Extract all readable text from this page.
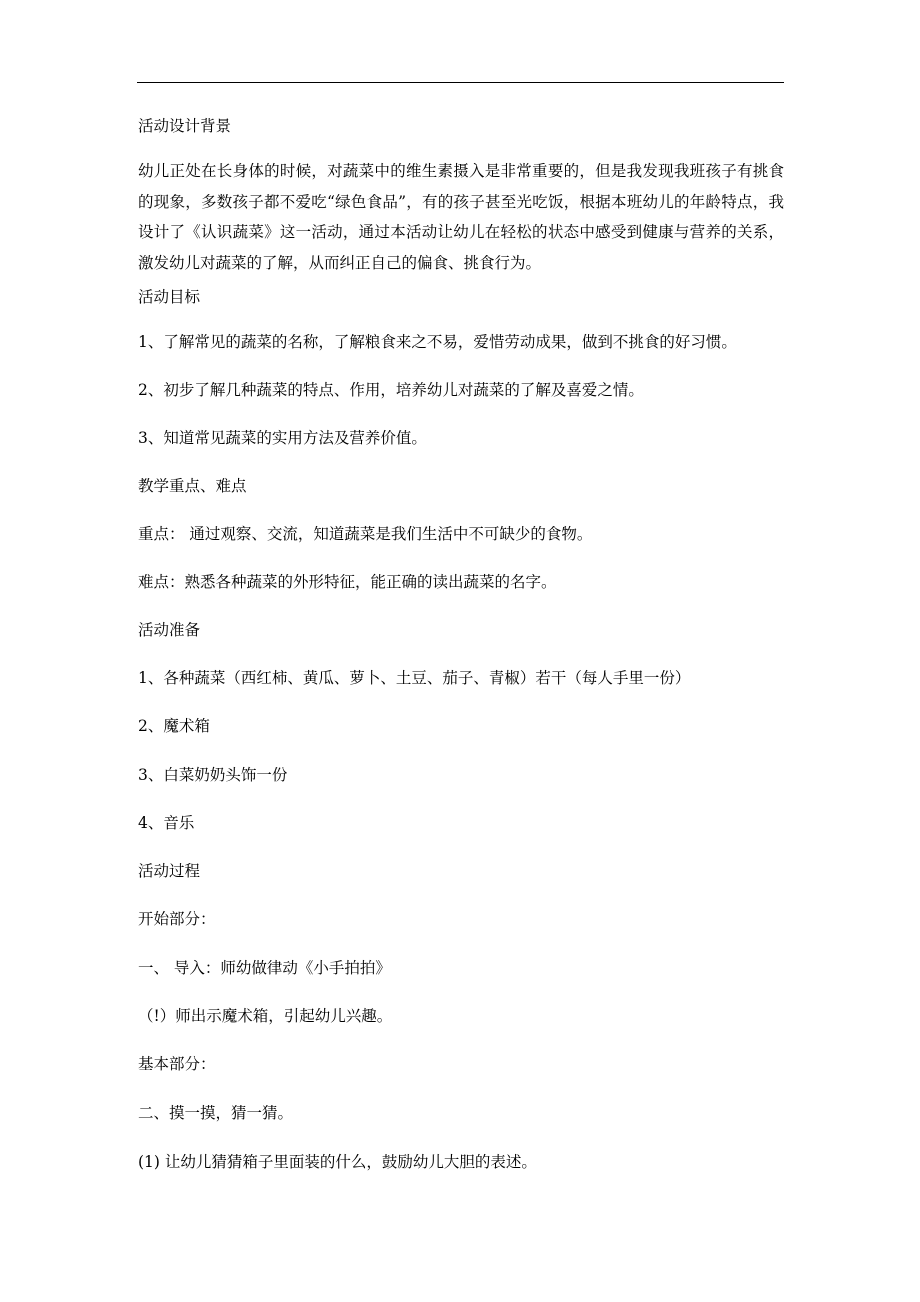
活动设计背景
幼儿正处在长身体的时候，对蔬菜中的维生素摄入是非常重要的，但是我发现我班孩子有挑食的现象，多数孩子都不爱吃“绿色食品”，有的孩子甚至光吃饭，根据本班幼儿的年龄特点，我设计了《认识蔬菜》这一活动，通过本活动让幼儿在轻松的状态中感受到健康与营养的关系，激发幼儿对蔬菜的了解，从而纠正自己的偏食、挑食行为。
活动目标
1、了解常见的蔬菜的名称，了解粮食来之不易，爱惜劳动成果，做到不挑食的好习惯。
2、初步了解几种蔬菜的特点、作用，培养幼儿对蔬菜的了解及喜爱之情。
3、知道常见蔬菜的实用方法及营养价值。
教学重点、难点
重点： 通过观察、交流，知道蔬菜是我们生活中不可缺少的食物。
难点：熟悉各种蔬菜的外形特征，能正确的读出蔬菜的名字。
活动准备
1、各种蔬菜（西红柿、黄瓜、萝卜、土豆、茄子、青椒）若干（每人手里一份）
2、魔术箱
3、白菜奶奶头饰一份
4、音乐
活动过程
开始部分：
一、 导入：师幼做律动《小手拍拍》
（!）师出示魔术箱，引起幼儿兴趣。
基本部分：
二、摸一摸，猜一猜。
(1) 让幼儿猜猜箱子里面装的什么，鼓励幼儿大胆的表述。
